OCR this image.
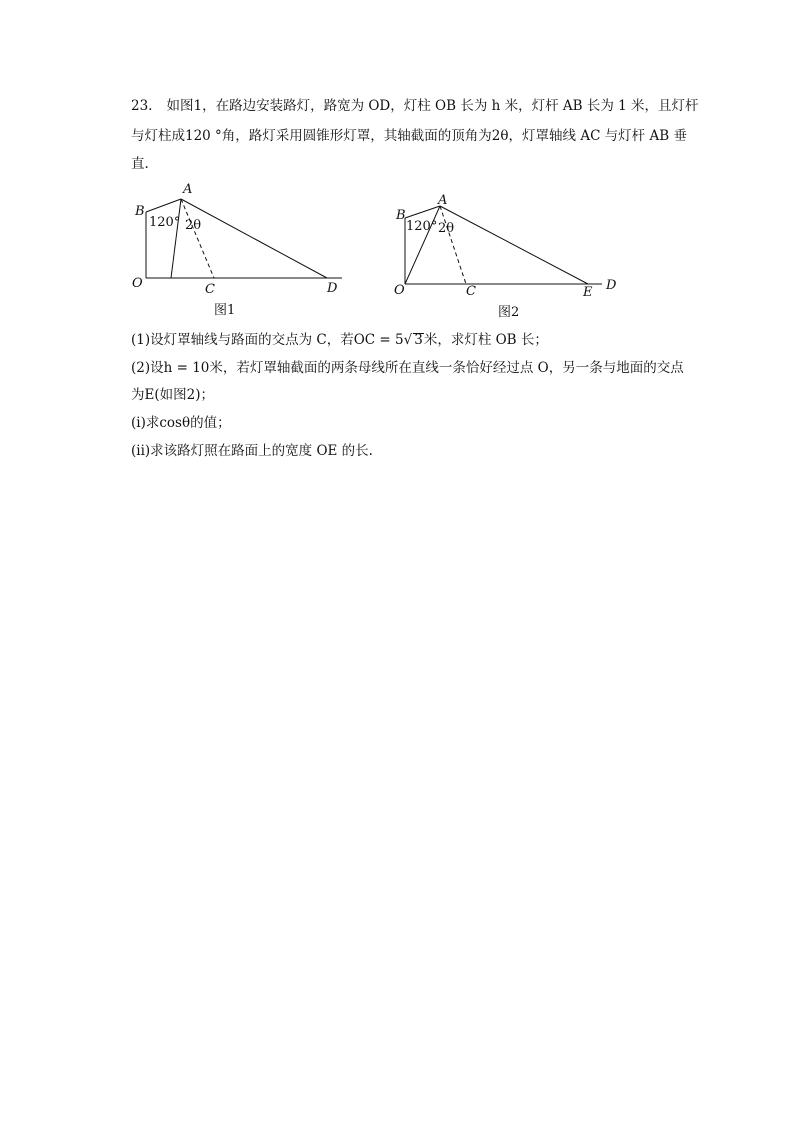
23. 如图1，在路边安装路灯，路宽为 OD，灯柱 OB 长为 h 米，灯杆 AB 长为 1 米，且灯杆
与灯柱成120 °角，路灯采用圆锥形灯罩，其轴截面的顶角为2θ，灯罩轴线 AC 与灯杆 AB 垂
直.
A
B
O	C	D
120° 2θ
图1
A
B
O	C	E D
120° 2θ
图2
(1)设灯罩轴线与路面的交点为 C，若OC = 5√ 3米，求灯柱 OB 长；
(2)设h = 10米，若灯罩轴截面的两条母线所在直线一条恰好经过点 O，另一条与地面的交点
为E(如图2)；
(i)求cosθ的值；
(ii)求该路灯照在路面上的宽度 OE 的长.
